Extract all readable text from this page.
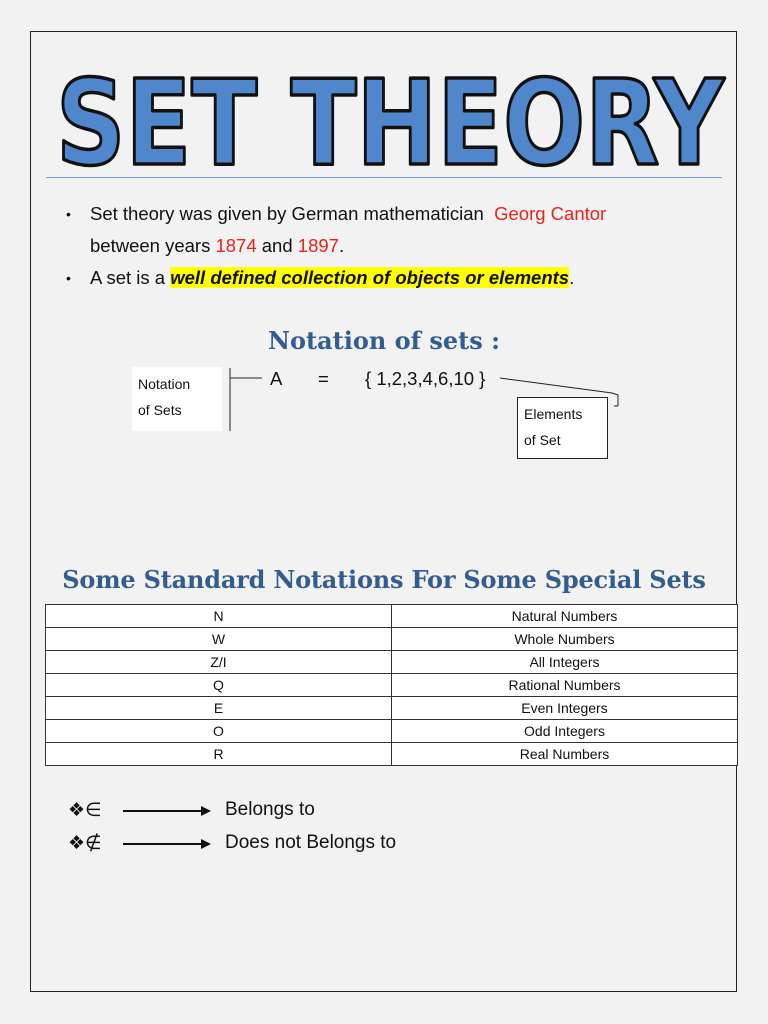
SET THEORY
• Set theory was given by German mathematician Georg Cantor
between years 1874 and 1897.
• A set is a well defined collection of objects or elements.
Notation of sets :
Notation
of Sets
A = { 1,2,3,4,6,10 }
Elements
of Set
Some Standard Notations For Some Special Sets
N	Natural Numbers
W	Whole Numbers
Z/I	All Integers
Q	Rational Numbers
E	Even Integers
O	Odd Integers
R	Real Numbers
❖∈	Belongs to
❖∉	Does not Belongs to
